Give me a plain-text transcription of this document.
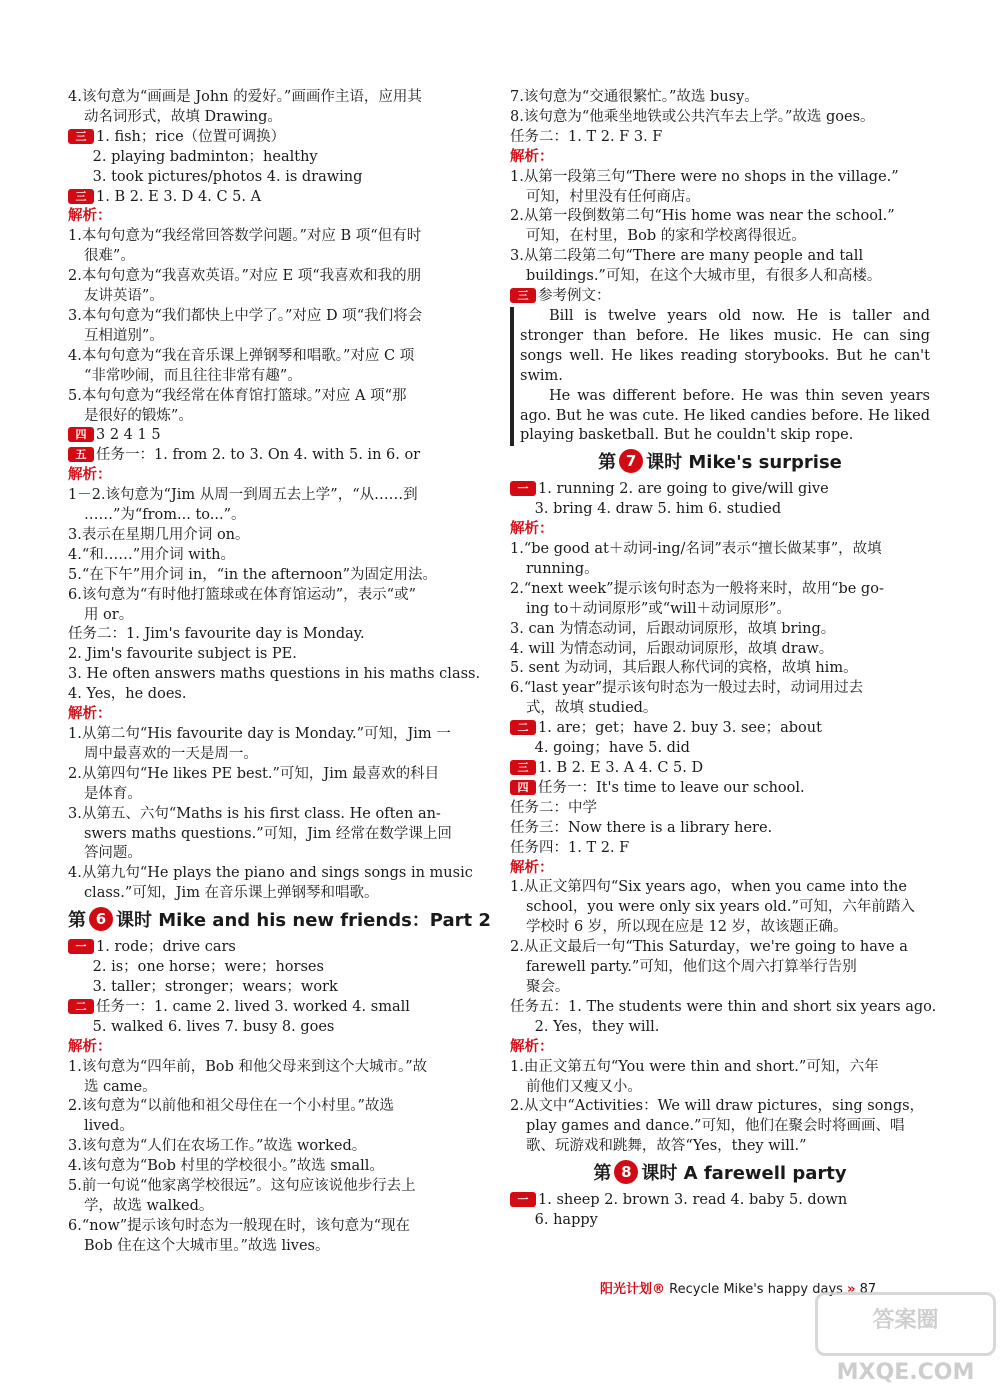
4.该句意为“画画是 John 的爱好。”画画作主语，应用其
动名词形式，故填 Drawing。
三 1. fish；rice（位置可调换）
2. playing badminton；healthy
3. took pictures/photos 4. is drawing
三 1. B 2. E 3. D 4. C 5. A
解析：
1.本句句意为“我经常回答数学问题。”对应 B 项“但有时
很难”。
2.本句句意为“我喜欢英语。”对应 E 项“我喜欢和我的朋
友讲英语”。
3.本句句意为“我们都快上中学了。”对应 D 项“我们将会
互相道别”。
4.本句句意为“我在音乐课上弹钢琴和唱歌。”对应 C 项
“非常吵闹，而且往往非常有趣”。
5.本句句意为“我经常在体育馆打篮球。”对应 A 项“那
是很好的锻炼”。
四 3 2 4 1 5
五 任务一：1. from 2. to 3. On 4. with 5. in 6. or
解析：
1－2.该句意为“Jim 从周一到周五去上学”，“从……到
……”为“from... to...”。
3.表示在星期几用介词 on。
4.“和……”用介词 with。
5.“在下午”用介词 in，“in the afternoon”为固定用法。
6.该句意为“有时他打篮球或在体育馆运动”，表示“或”
用 or。
任务二：1. Jim's favourite day is Monday.
2. Jim's favourite subject is PE.
3. He often answers maths questions in his maths class.
4. Yes，he does.
解析：
1.从第二句“His favourite day is Monday.”可知，Jim 一
周中最喜欢的一天是周一。
2.从第四句“He likes PE best.”可知，Jim 最喜欢的科目
是体育。
3.从第五、六句“Maths is his first class. He often an-
swers maths questions.”可知，Jim 经常在数学课上回
答问题。
4.从第九句“He plays the piano and sings songs in music
class.”可知，Jim 在音乐课上弹钢琴和唱歌。
第 6 课时 Mike and his new friends：Part 2
一 1. rode；drive cars
2. is；one horse；were；horses
3. taller；stronger；wears；work
二 任务一：1. came 2. lived 3. worked 4. small
5. walked 6. lives 7. busy 8. goes
解析：
1.该句意为“四年前，Bob 和他父母来到这个大城市。”故
选 came。
2.该句意为“以前他和祖父母住在一个小村里。”故选
lived。
3.该句意为“人们在农场工作。”故选 worked。
4.该句意为“Bob 村里的学校很小。”故选 small。
5.前一句说“他家离学校很远”。这句应该说他步行去上
学，故选 walked。
6.“now”提示该句时态为一般现在时，该句意为“现在
Bob 住在这个大城市里。”故选 lives。
7.该句意为“交通很繁忙。”故选 busy。
8.该句意为“他乘坐地铁或公共汽车去上学。”故选 goes。
任务二：1. T 2. F 3. F
解析：
1.从第一段第三句“There were no shops in the village.”
可知，村里没有任何商店。
2.从第一段倒数第二句“His home was near the school.”
可知，在村里，Bob 的家和学校离得很近。
3.从第二段第二句“There are many people and tall
buildings.”可知，在这个大城市里，有很多人和高楼。
三 参考例文：

Bill is twelve years old now. He is taller and stronger than before. He likes music. He can sing songs well. He likes reading storybooks. But he can't swim.

He was different before. He was thin seven years ago. But he was cute. He liked candies before. He liked playing basketball. But he couldn't skip rope.

第 7 课时 Mike's surprise
一 1. running 2. are going to give/will give
3. bring 4. draw 5. him 6. studied
解析：
1.“be good at＋动词-ing/名词”表示“擅长做某事”，故填
running。
2.“next week”提示该句时态为一般将来时，故用“be go-
ing to＋动词原形”或“will＋动词原形”。
3. can 为情态动词，后跟动词原形，故填 bring。
4. will 为情态动词，后跟动词原形，故填 draw。
5. sent 为动词，其后跟人称代词的宾格，故填 him。
6.“last year”提示该句时态为一般过去时，动词用过去
式，故填 studied。
二 1. are；get；have 2. buy 3. see；about
4. going；have 5. did
三 1. B 2. E 3. A 4. C 5. D
四 任务一：It's time to leave our school.
任务二：中学
任务三：Now there is a library here.
任务四：1. T 2. F
解析：
1.从正文第四句“Six years ago，when you came into the
school，you were only six years old.”可知，六年前踏入
学校时 6 岁，所以现在应是 12 岁，故该题正确。
2.从正文最后一句“This Saturday，we're going to have a
farewell party.”可知，他们这个周六打算举行告别
聚会。
任务五：1. The students were thin and short six years ago.
2. Yes，they will.
解析：
1.由正文第五句“You were thin and short.”可知，六年
前他们又瘦又小。
2.从文中“Activities：We will draw pictures，sing songs，
play games and dance.”可知，他们在聚会时将画画、唱
歌、玩游戏和跳舞，故答“Yes，they will.”
第 8 课时 A farewell party
一 1. sheep 2. brown 3. read 4. baby 5. down
6. happy
阳光计划® Recycle Mike's happy days » 87
答案圈 MXQE.COM
